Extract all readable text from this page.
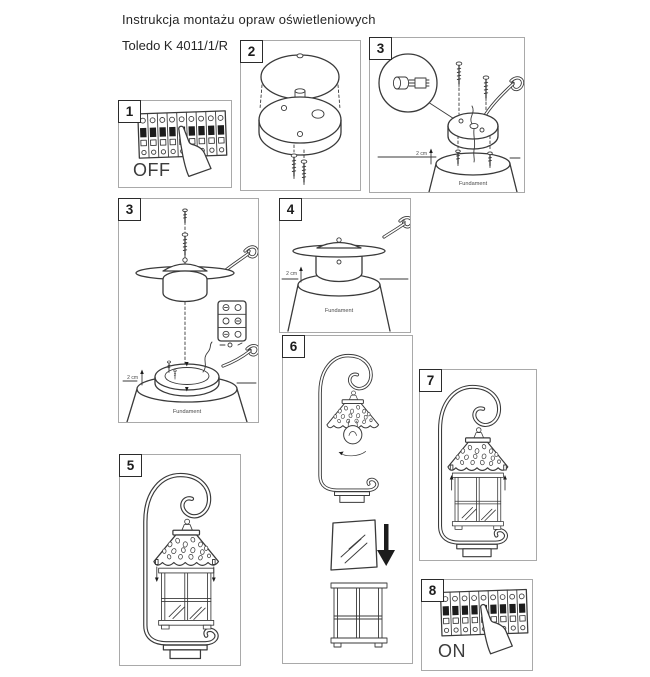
Instrukcja montażu opraw oświetleniowych
Toledo K 4011/1/R
1
OFF
2	3
2 cm
Fundament
3
2 cm
Fundament
4
2 cm
Fundament
6
7
5
8
ON
